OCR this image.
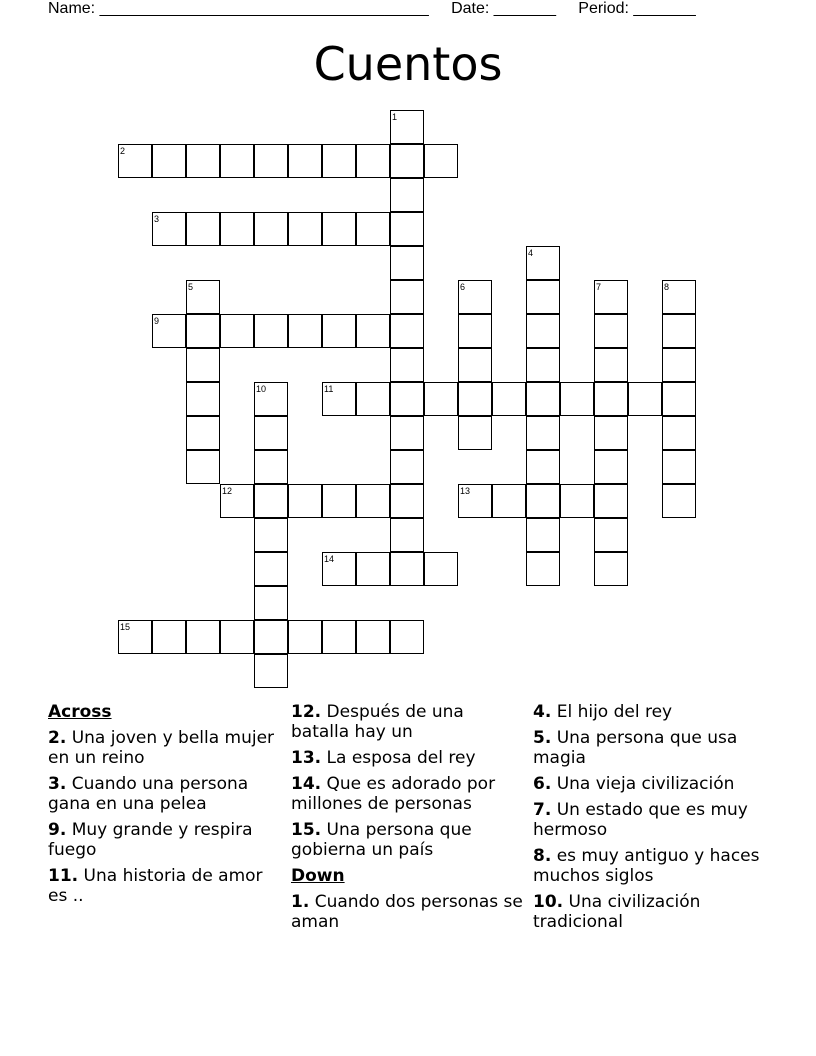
Name: _____________________________________ Date: _______ Period: _______
Cuentos
1
2
3
4
5	6	7	8
9
10	11
12	13
14
15
Across
2. Una joven y bella mujer en un reino
3. Cuando una persona gana en una pelea
9. Muy grande y respira fuego
11. Una historia de amor es ..
12. Después de una batalla hay un
13. La esposa del rey
14. Que es adorado por millones de personas
15. Una persona que gobierna un país
Down
1. Cuando dos personas se aman
4. El hijo del rey
5. Una persona que usa magia
6. Una vieja civilización
7. Un estado que es muy hermoso
8. es muy antiguo y haces muchos siglos
10. Una civilización tradicional
